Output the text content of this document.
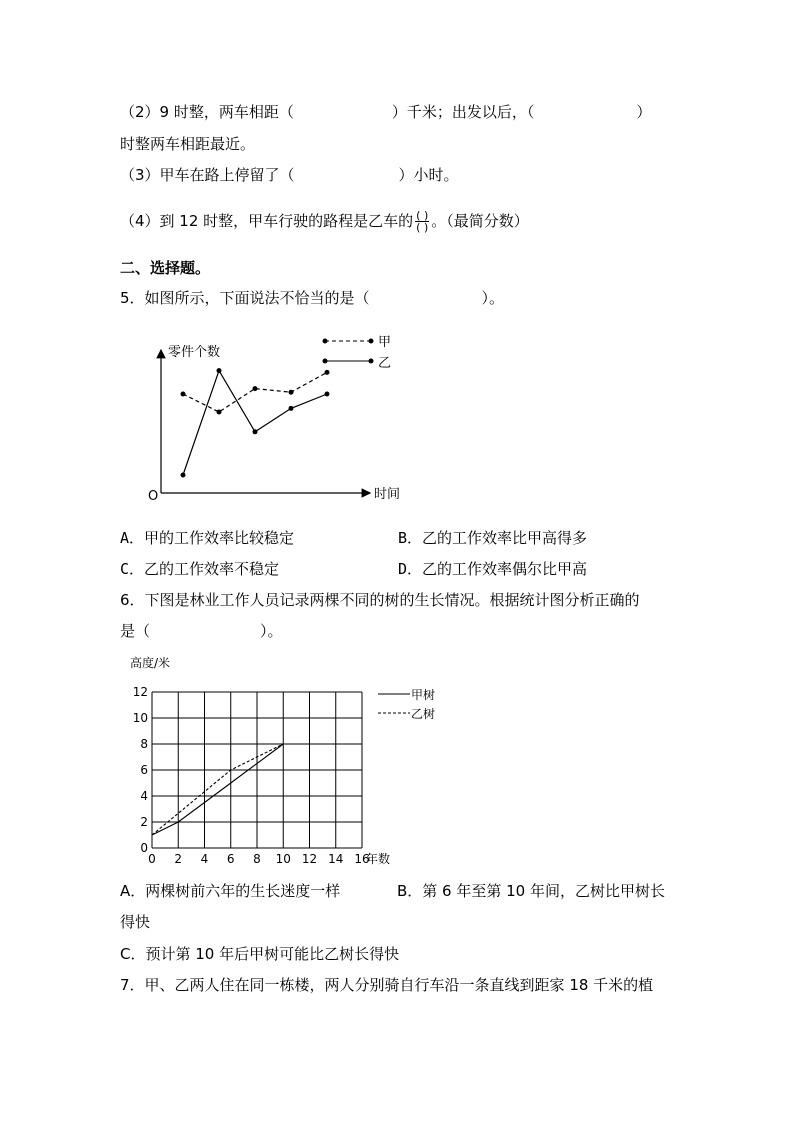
（2）9 时整，两车相距（	）千米；出发以后，（	）
时整两车相距最近。
（3）甲车在路上停留了（	）小时。
（4）到 12 时整，甲车行驶的路程是乙车的 $\frac{( )}{( )}$ 。（最简分数）
二、选择题。
5．如图所示，下面说法不恰当的是（	）。
零件个数
时间
O
甲
乙
A．甲的工作效率比较稳定	B．乙的工作效率比甲高得多
C．乙的工作效率不稳定	D．乙的工作效率偶尔比甲高
6．下图是林业工作人员记录两棵不同的树的生长情况。根据统计图分析正确的
是（	）。
高度/米
年数
0 2 4 6 8 10 12 14 16
0
2
4
6
8
10
12	甲树
乙树
A．两棵树前六年的生长迷度一样	B．第 6 年至第 10 年间，乙树比甲树长
得快
C．预计第 10 年后甲树可能比乙树长得快
7．甲、乙两人住在同一栋楼，两人分别骑自行车沿一条直线到距家 18 千米的植
